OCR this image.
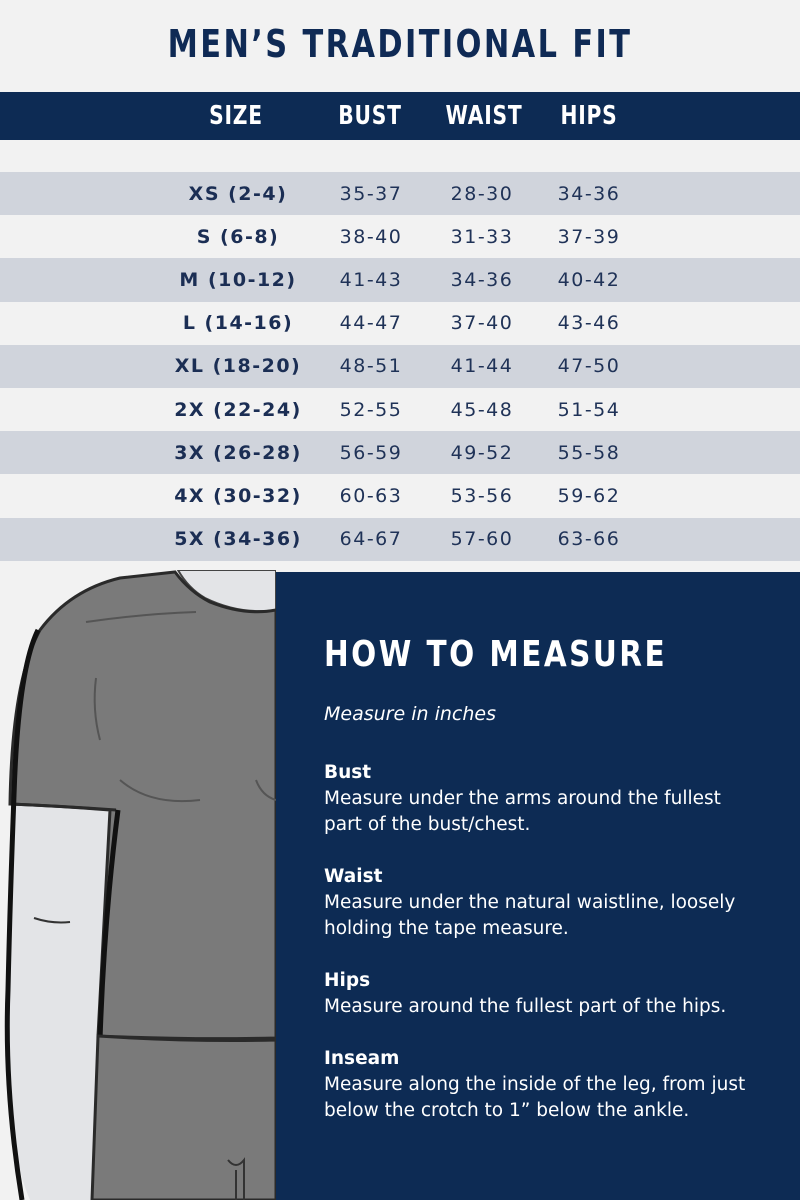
MEN’S TRADITIONAL FIT
SIZE	BUST	WAIST	HIPS
XS (2-4)	35-37	28-30	34-36
S (6-8)	38-40	31-33	37-39
M (10-12)	41-43	34-36	40-42
L (14-16)	44-47	37-40	43-46
XL (18-20)	48-51	41-44	47-50
2X (22-24)	52-55	45-48	51-54
3X (26-28)	56-59	49-52	55-58
4X (30-32)	60-63	53-56	59-62
5X (34-36)	64-67	57-60	63-66
HOW TO MEASURE
Measure in inches
Bust
Measure under the arms around the fullest part of the bust/chest.
Waist
Measure under the natural waistline, loosely holding the tape measure.
Hips
Measure around the fullest part of the hips.
Inseam
Measure along the inside of the leg, from just below the crotch to 1” below the ankle.
